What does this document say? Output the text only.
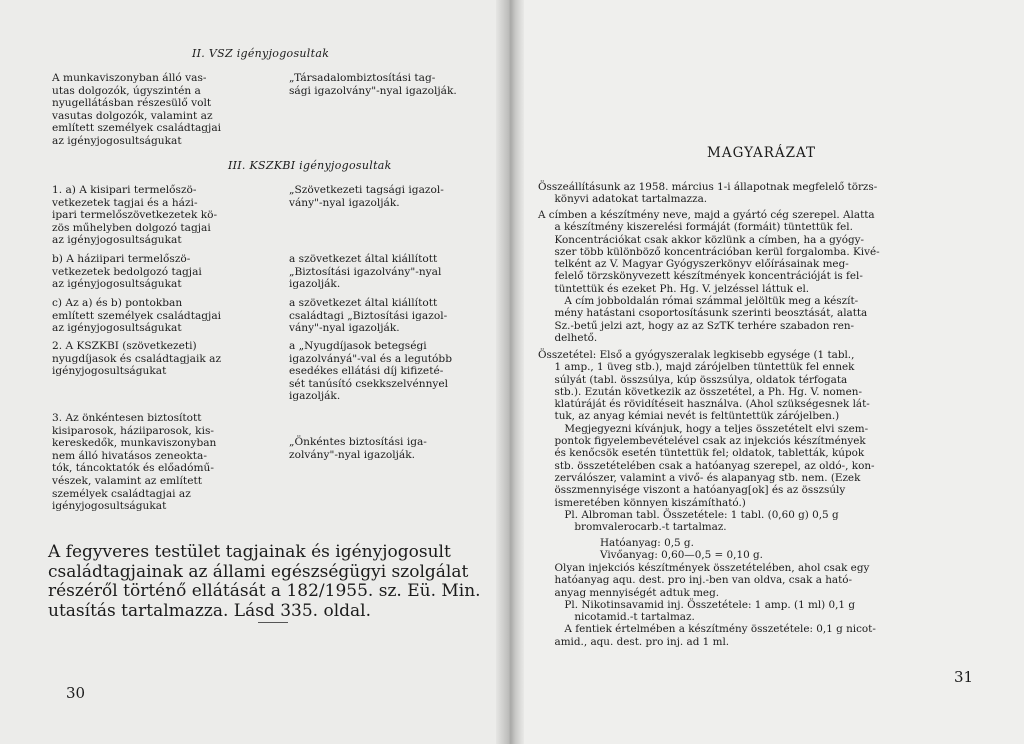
II. VSZ igényjogosultak

A munkaviszonyban álló vas-
utas dolgozók, úgyszintén a
nyugellátásban részesülő volt
vasutas dolgozók, valamint az
említett személyek családtagjai
az igényjogosultságukat

„Társadalombiztosítási tag-
sági igazolvány"-nyal igazolják.

III. KSZKBI igényjogosultak

1. a) A kisipari termelőszö-
vetkezetek tagjai és a házi-
ipari termelőszövetkezetek kö-
zös műhelyben dolgozó tagjai
az igényjogosultságukat

„Szövetkezeti tagsági igazol-
vány"-nyal igazolják.

b) A háziipari termelőszö-
vetkezetek bedolgozó tagjai
az igényjogosultságukat

a szövetkezet által kiállított
„Biztosítási igazolvány"-nyal
igazolják.

c) Az a) és b) pontokban
említett személyek családtagjai
az igényjogosultságukat

a szövetkezet által kiállított
családtagi „Biztosítási igazol-
vány"-nyal igazolják.

2. A KSZKBI (szövetkezeti)
nyugdíjasok és családtagjaik az
igényjogosultságukat

a „Nyugdíjasok betegségi
igazolványá"-val és a legutóbb
esedékes ellátási díj kifizeté-
sét tanúsító csekkszelvénnyel
igazolják.

3. Az önkéntesen biztosított
kisiparosok, háziiparosok, kis-
kereskedők, munkaviszonyban
nem álló hivatásos zeneokta-
tók, táncoktatók és előadómű-
vészek, valamint az említett
személyek családtagjai az
igényjogosultságukat

„Önkéntes biztosítási iga-
zolvány"-nyal igazolják.

A fegyveres testület tagjainak és igényjogosult
családtagjainak az állami egészségügyi szolgálat
részéről történő ellátását a 182/1955. sz. Eü. Min.
utasítás tartalmazza. Lásd 335. oldal.

30

MAGYARÁZAT

Összeállításunk az 1958. március 1-i állapotnak megfelelő törzs-
könyvi adatokat tartalmazza.

A címben a készítmény neve, majd a gyártó cég szerepel. Alatta
a készítmény kiszerelési formáját (formáit) tüntettük fel.
Koncentrációkat csak akkor közlünk a címben, ha a gyógy-
szer több különböző koncentrációban kerül forgalomba. Kivé-
telként az V. Magyar Gyógyszerkönyv előírásainak meg-
felelő törzskönyvezett készítmények koncentrációját is fel-
tüntettük és ezeket Ph. Hg. V. jelzéssel láttuk el.
A cím jobboldalán római számmal jelöltük meg a készít-
mény hatástani csoportosításunk szerinti beosztását, alatta
Sz.-betű jelzi azt, hogy az az SzTK terhére szabadon ren-
delhető.

Összetétel: Első a gyógyszeralak legkisebb egysége (1 tabl.,
1 amp., 1 üveg stb.), majd zárójelben tüntettük fel ennek
súlyát (tabl. összsúlya, kúp összsúlya, oldatok térfogata
stb.). Ezután következik az összetétel, a Ph. Hg. V. nomen-
klatúráját és rövidítéseit használva. (Ahol szükségesnek lát-
tuk, az anyag kémiai nevét is feltüntettük zárójelben.)
Megjegyezni kívánjuk, hogy a teljes összetételt elvi szem-
pontok figyelembevételével csak az injekciós készítmények
és kenőcsök esetén tüntettük fel; oldatok, tabletták, kúpok
stb. összetételében csak a hatóanyag szerepel, az oldó-, kon-
zerválószer, valamint a vivő- és alapanyag stb. nem. (Ezek
összmennyisége viszont a hatóanyag[ok] és az összsúly
ismeretében könnyen kiszámítható.)
Pl. Albroman tabl. Összetétele: 1 tabl. (0,60 g) 0,5 g
bromvalerocarb.-t tartalmaz.

Hatóanyag: 0,5 g.
Vivőanyag: 0,60—0,5 = 0,10 g.

Olyan injekciós készítmények összetételében, ahol csak egy
hatóanyag aqu. dest. pro inj.-ben van oldva, csak a ható-
anyag mennyiségét adtuk meg.
Pl. Nikotinsavamid inj. Összetétele: 1 amp. (1 ml) 0,1 g
nicotamid.-t tartalmaz.
A fentiek értelmében a készítmény összetétele: 0,1 g nicot-
amid., aqu. dest. pro inj. ad 1 ml.

31
